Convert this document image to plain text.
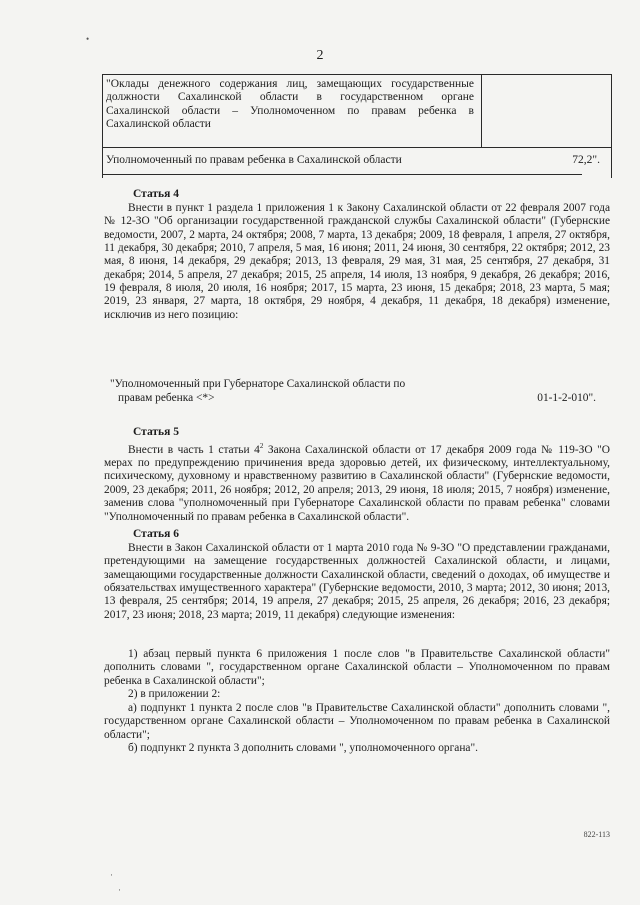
•
2
"Оклады денежного содержания лиц, замещающих государственные
должности Сахалинской области в государственном органе
Сахалинской области – Уполномоченном по правам ребенка в
Сахалинской области
Уполномоченный по правам ребенка в Сахалинской области	72,2".
Статья 4
Внести в пункт 1 раздела 1 приложения 1 к Закону Сахалинской области от 22 февраля 2007 года № 12-ЗО "Об организации государственной гражданской службы Сахалинской области" (Губернские ведомости, 2007, 2 марта, 24 октября; 2008, 7 марта, 13 декабря; 2009, 18 февраля, 1 апреля, 27 октября, 11 декабря, 30 декабря; 2010, 7 апреля, 5 мая, 16 июня; 2011, 24 июня, 30 сентября, 22 октября; 2012, 23 мая, 8 июня, 14 декабря, 29 декабря; 2013, 13 февраля, 29 мая, 31 мая, 25 сентября, 27 декабря, 31 декабря; 2014, 5 апреля, 27 декабря; 2015, 25 апреля, 14 июля, 13 ноября, 9 декабря, 26 декабря; 2016, 19 февраля, 8 июля, 20 июля, 16 ноября; 2017, 15 марта, 23 июня, 15 декабря; 2018, 23 марта, 5 мая; 2019, 23 января, 27 марта, 18 октября, 29 ноября, 4 декабря, 11 декабря, 18 декабря) изменение, исключив из него позицию:
"Уполномоченный при Губернаторе Сахалинской области по
правам ребенка <*>	01-1-2-010".
Статья 5
Внести в часть 1 статьи $4^2$ Закона Сахалинской области от 17 декабря 2009 года № 119-ЗО "О мерах по предупреждению причинения вреда здоровью детей, их физическому, интеллектуальному, психическому, духовному и нравственному развитию в Сахалинской области" (Губернские ведомости, 2009, 23 декабря; 2011, 26 ноября; 2012, 20 апреля; 2013, 29 июня, 18 июля; 2015, 7 ноября) изменение, заменив слова "уполномоченный при Губернаторе Сахалинской области по правам ребенка" словами "Уполномоченный по правам ребенка в Сахалинской области".
Статья 6
Внести в Закон Сахалинской области от 1 марта 2010 года № 9-ЗО "О представлении гражданами, претендующими на замещение государственных должностей Сахалинской области, и лицами, замещающими государственные должности Сахалинской области, сведений о доходах, об имуществе и обязательствах имущественного характера" (Губернские ведомости, 2010, 3 марта; 2012, 30 июня; 2013, 13 февраля, 25 сентября; 2014, 19 апреля, 27 декабря; 2015, 25 апреля, 26 декабря; 2016, 23 декабря; 2017, 23 июня; 2018, 23 марта; 2019, 11 декабря) следующие изменения:
1) абзац первый пункта 6 приложения 1 после слов "в Правительстве Сахалинской области" дополнить словами ", государственном органе Сахалинской области – Уполномоченном по правам ребенка в Сахалинской области";
2) в приложении 2:
а) подпункт 1 пункта 2 после слов "в Правительстве Сахалинской области" дополнить словами ", государственном органе Сахалинской области – Уполномоченном по правам ребенка в Сахалинской области";
б) подпункт 2 пункта 3 дополнить словами ", уполномоченного органа".
·
·
822-113
